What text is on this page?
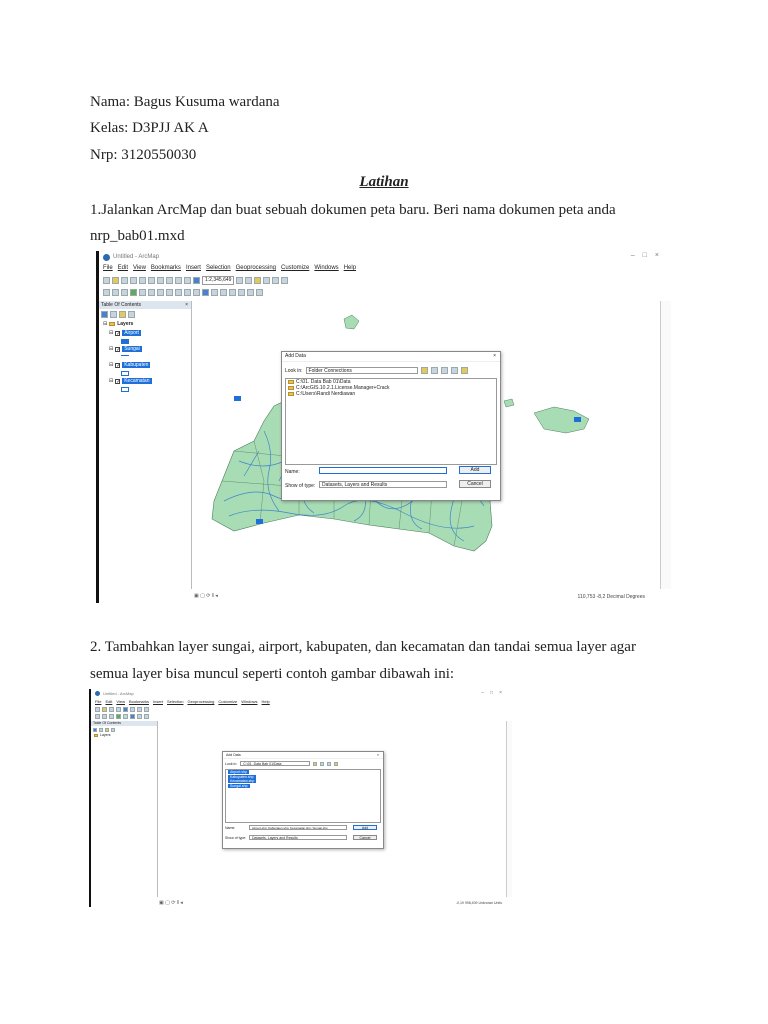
Nama: Bagus Kusuma wardana
Kelas: D3PJJ AK A
Nrp: 3120550030
Latihan
1.Jalankan ArcMap dan buat sebuah dokumen peta baru. Beri nama dokumen peta anda
nrp_bab01.mxd
Untitled - ArcMap	–□×
File Edit View Bookmarks Insert Selection Geoprocessing Customize Windows Help
1:2,345,649
Table Of Contents	×
⊟ Layers
⊟ ✓ Airport
⊟ ✓ Sungai
⊟ ✓ Kabupaten
⊟ ✓ Kecamatan
Add Data	×
Look in:	Folder Connections
C:\01. Data Bab 01\Data
C:\ArcGIS.10.2.1.License.Manager+Crack
C:\Users\Randi Nerdiawan
Name:	Add
Show of type:	Datasets, Layers and Results	Cancel
▣ ▢ ⟳ ‖ ◂	110,753 -8,2 Decimal Degrees
2. Tambahkan layer sungai, airport, kabupaten, dan kecamatan dan tandai semua layer agar
semua layer bisa muncul seperti contoh gambar dibawah ini:
Untitled - ArcMap	–□×
File Edit View Bookmarks Insert Selection Geoprocessing Customize Windows Help
Table Of Contents
Layers
Add Data	×
Look in:	C:\01. Data Bab 01\Data
Airport.shp
Kabupaten.shp
Kecamatan.shp
Sungai.shp
Name:	Airport.shp; Kabupaten.shp; Kecamatan.shp; Sungai.shp	Add
Show of type:	Datasets, Layers and Results	Cancel
▣ ▢ ⟳ ‖ ◂	-0,19 998,409 Unknown Units
